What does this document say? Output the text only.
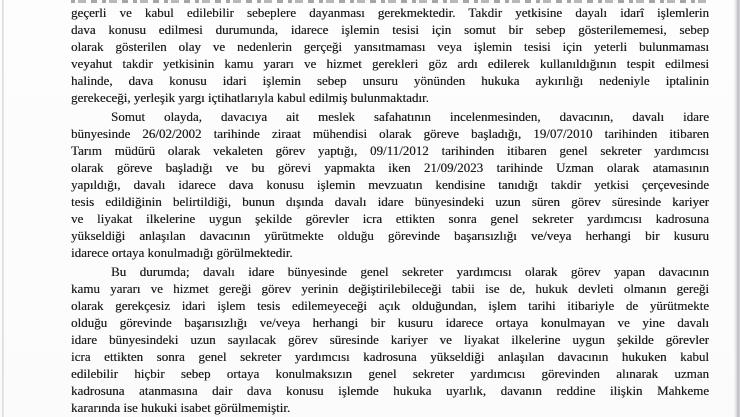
geçerli ve kabul edilebilir sebeplere dayanması gerekmektedir. Takdir yetkisine dayalı idarî işlemlerin
dava konusu edilmesi durumunda, idarece işlemin tesisi için somut bir sebep gösterilememesi, sebep
olarak gösterilen olay ve nedenlerin gerçeği yansıtmaması veya işlemin tesisi için yeterli bulunmaması
veyahut takdir yetkisinin kamu yararı ve hizmet gerekleri göz ardı edilerek kullanıldığının tespit edilmesi
halinde, dava konusu idari işlemin sebep unsuru yönünden hukuka aykırılığı nedeniyle iptalinin
gerekeceği, yerleşik yargı içtihatlarıyla kabul edilmiş bulunmaktadır.
Somut olayda, davacıya ait meslek safahatının incelenmesinden, davacının, davalı idare
bünyesinde 26/02/2002 tarihinde ziraat mühendisi olarak göreve başladığı, 19/07/2010 tarihinden itibaren
Tarım müdürü olarak vekaleten görev yaptığı, 09/11/2012 tarihinden itibaren genel sekreter yardımcısı
olarak göreve başladığı ve bu görevi yapmakta iken 21/09/2023 tarihinde Uzman olarak atamasının
yapıldığı, davalı idarece dava konusu işlemin mevzuatın kendisine tanıdığı takdir yetkisi çerçevesinde
tesis edildiğinin belirtildiği, bunun dışında davalı idare bünyesindeki uzun süren görev süresinde kariyer
ve liyakat ilkelerine uygun şekilde görevler icra ettikten sonra genel sekreter yardımcısı kadrosuna
yükseldiği anlaşılan davacının yürütmekte olduğu görevinde başarısızlığı ve/veya herhangi bir kusuru
idarece ortaya konulmadığı görülmektedir.
Bu durumda; davalı idare bünyesinde genel sekreter yardımcısı olarak görev yapan davacının
kamu yararı ve hizmet gereği görev yerinin değiştirilebileceği tabii ise de, hukuk devleti olmanın gereği
olarak gerekçesiz idari işlem tesis edilemeyeceği açık olduğundan, işlem tarihi itibariyle de yürütmekte
olduğu görevinde başarısızlığı ve/veya herhangi bir kusuru idarece ortaya konulmayan ve yine davalı
idare bünyesindeki uzun sayılacak görev süresinde kariyer ve liyakat ilkelerine uygun şekilde görevler
icra ettikten sonra genel sekreter yardımcısı kadrosuna yükseldiği anlaşılan davacının hukuken kabul
edilebilir hiçbir sebep ortaya konulmaksızın genel sekreter yardımcısı görevinden alınarak uzman
kadrosuna atanmasına dair dava konusu işlemde hukuka uyarlık, davanın reddine ilişkin Mahkeme
kararında ise hukuki isabet görülmemiştir.
